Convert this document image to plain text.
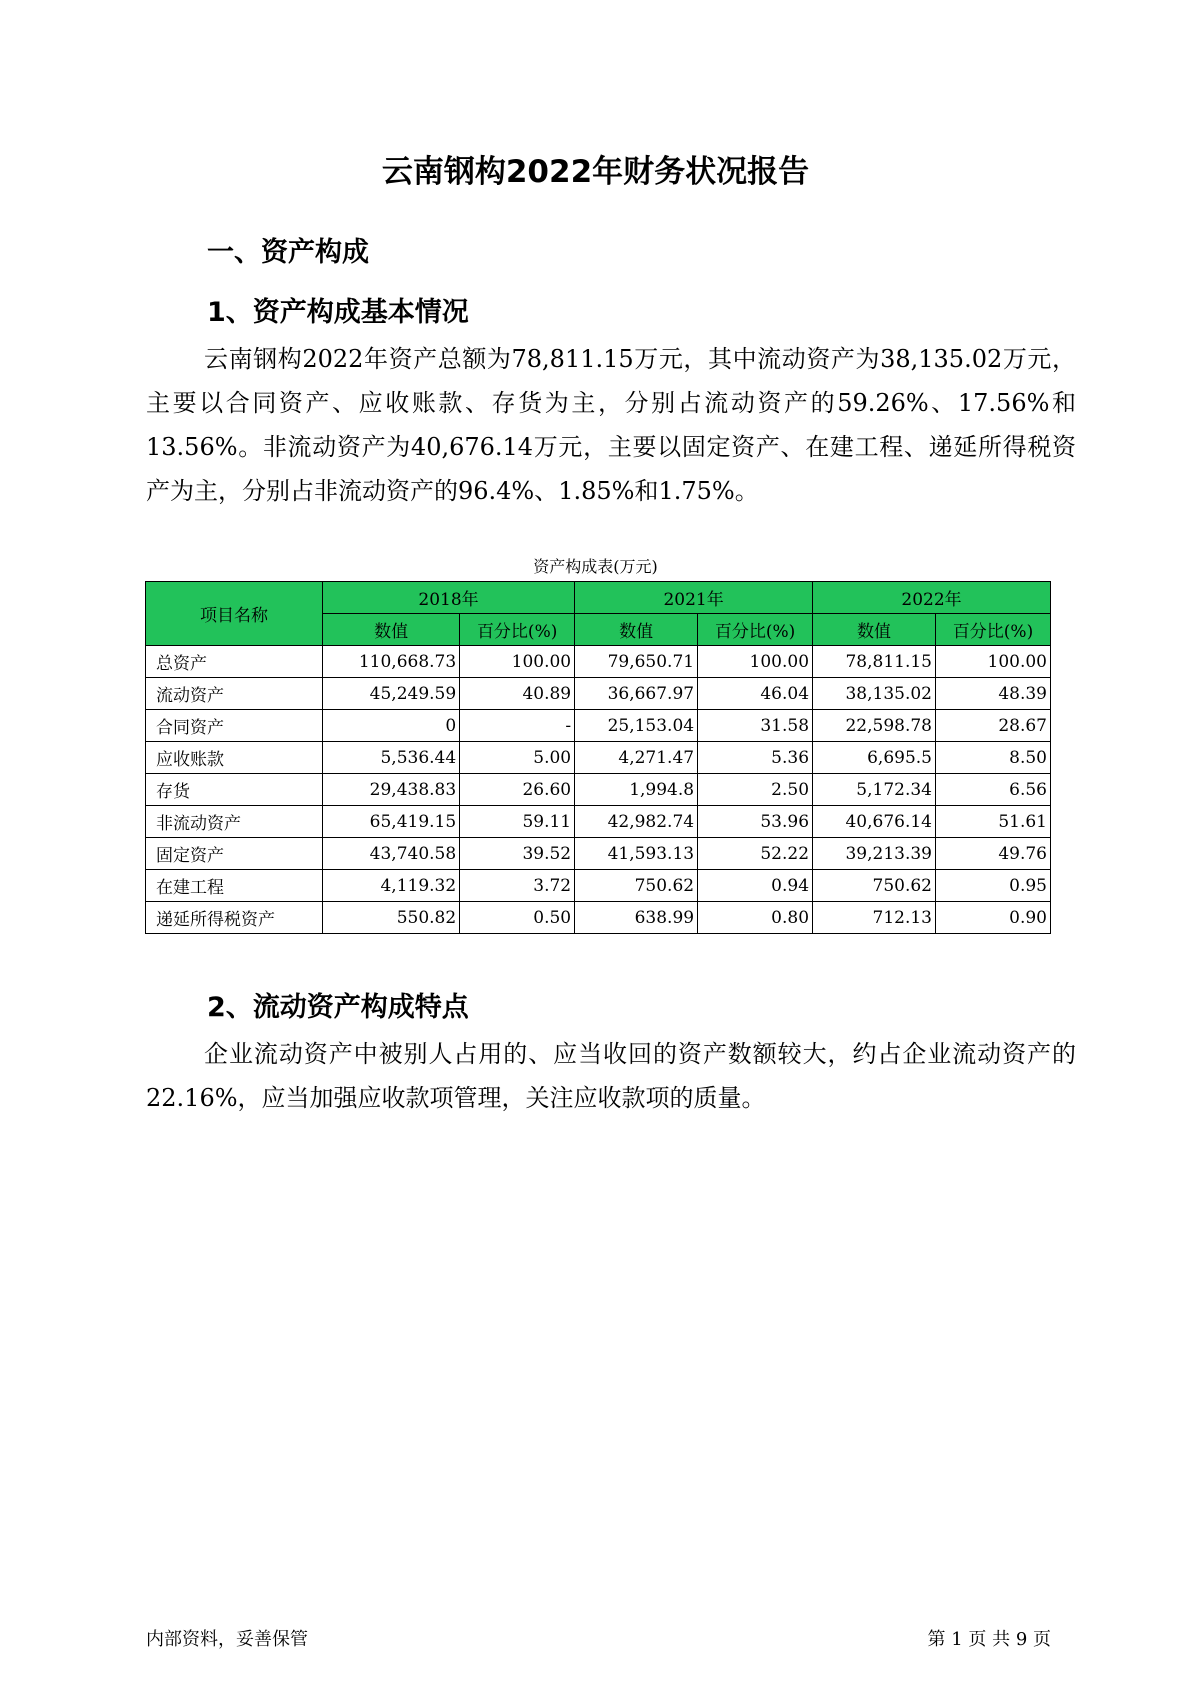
云南钢构2022年财务状况报告
一、资产构成
1、资产构成基本情况
云南钢构2022年资产总额为78,811.15万元，其中流动资产为38,135.02万元，主要以合同资产、应收账款、存货为主，分别占流动资产的59.26%、17.56%和13.56%。非流动资产为40,676.14万元，主要以固定资产、在建工程、递延所得税资产为主，分别占非流动资产的96.4%、1.85%和1.75%。
资产构成表(万元)
项目名称	2018年		2021年		2022年	
	数值	百分比(%)	数值	百分比(%)	数值	百分比(%)
总资产	110,668.73	100.00	79,650.71	100.00	78,811.15	100.00
流动资产	45,249.59	40.89	36,667.97	46.04	38,135.02	48.39
合同资产	0	-	25,153.04	31.58	22,598.78	28.67
应收账款	5,536.44	5.00	4,271.47	5.36	6,695.5	8.50
存货	29,438.83	26.60	1,994.8	2.50	5,172.34	6.56
非流动资产	65,419.15	59.11	42,982.74	53.96	40,676.14	51.61
固定资产	43,740.58	39.52	41,593.13	52.22	39,213.39	49.76
在建工程	4,119.32	3.72	750.62	0.94	750.62	0.95
递延所得税资产	550.82	0.50	638.99	0.80	712.13	0.90
2、流动资产构成特点
企业流动资产中被别人占用的、应当收回的资产数额较大，约占企业流动资产的22.16%，应当加强应收款项管理，关注应收款项的质量。
内部资料，妥善保管	第 1 页 共 9 页
